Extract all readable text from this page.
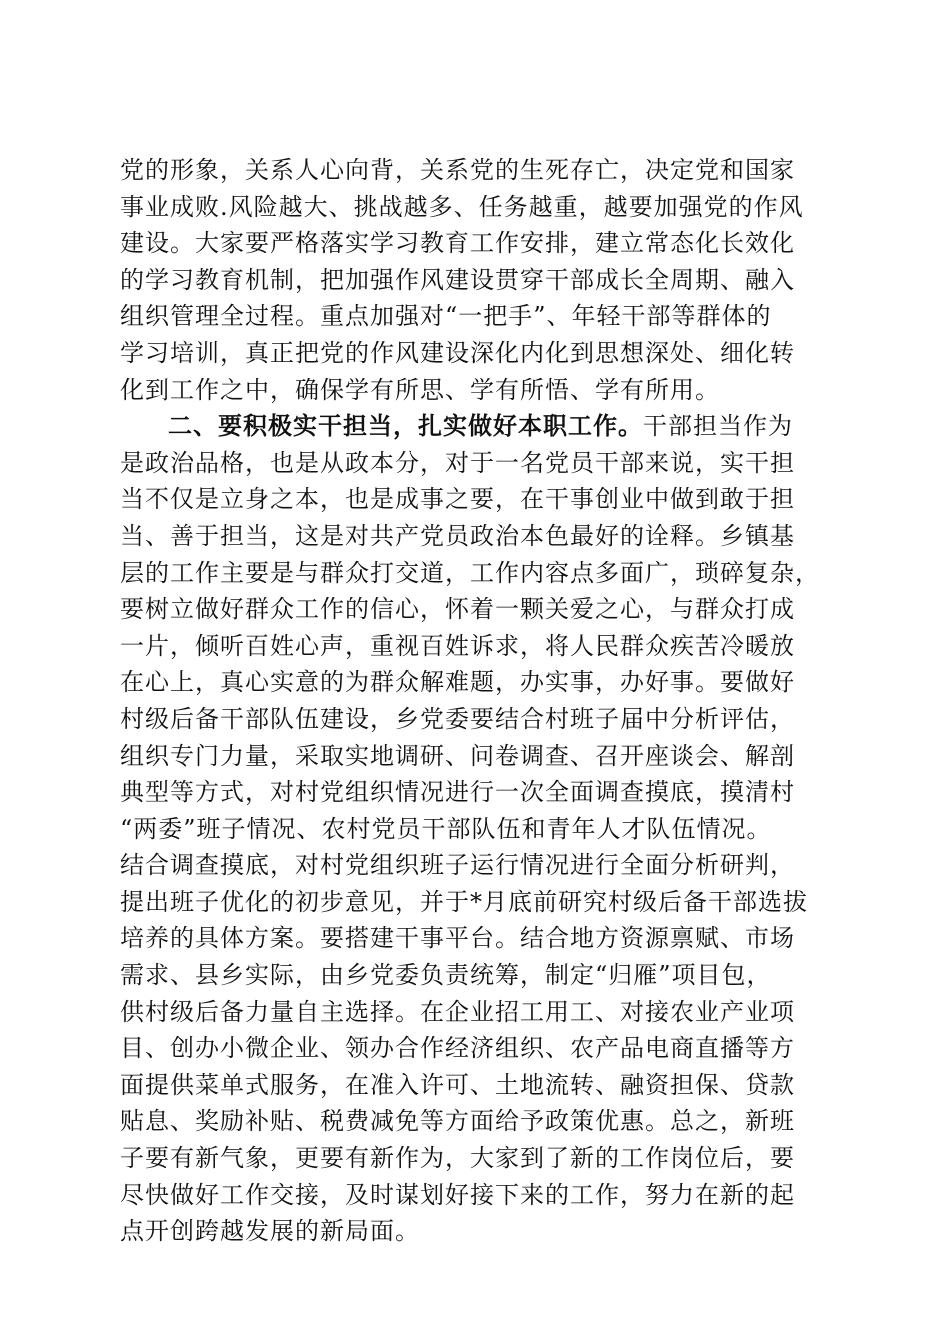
党的形象，关系人心向背，关系党的生死存亡，决定党和国家
事业成败.风险越大、挑战越多、任务越重，越要加强党的作风
建设。大家要严格落实学习教育工作安排，建立常态化长效化
的学习教育机制，把加强作风建设贯穿干部成长全周期、融入
组织管理全过程。重点加强对“一把手”、年轻干部等群体的
学习培训，真正把党的作风建设深化内化到思想深处、细化转
化到工作之中，确保学有所思、学有所悟、学有所用。
二、要积极实干担当，扎实做好本职工作。干部担当作为
是政治品格，也是从政本分，对于一名党员干部来说，实干担
当不仅是立身之本，也是成事之要，在干事创业中做到敢于担
当、善于担当，这是对共产党员政治本色最好的诠释。乡镇基
层的工作主要是与群众打交道，工作内容点多面广，琐碎复杂，
要树立做好群众工作的信心，怀着一颗关爱之心，与群众打成
一片，倾听百姓心声，重视百姓诉求，将人民群众疾苦冷暖放
在心上，真心实意的为群众解难题，办实事，办好事。要做好
村级后备干部队伍建设，乡党委要结合村班子届中分析评估，
组织专门力量，采取实地调研、问卷调查、召开座谈会、解剖
典型等方式，对村党组织情况进行一次全面调查摸底，摸清村
“两委”班子情况、农村党员干部队伍和青年人才队伍情况。
结合调查摸底，对村党组织班子运行情况进行全面分析研判，
提出班子优化的初步意见，并于*月底前研究村级后备干部选拔
培养的具体方案。要搭建干事平台。结合地方资源禀赋、市场
需求、县乡实际，由乡党委负责统筹，制定“归雁”项目包，
供村级后备力量自主选择。在企业招工用工、对接农业产业项
目、创办小微企业、领办合作经济组织、农产品电商直播等方
面提供菜单式服务，在准入许可、土地流转、融资担保、贷款
贴息、奖励补贴、税费减免等方面给予政策优惠。总之，新班
子要有新气象，更要有新作为，大家到了新的工作岗位后，要
尽快做好工作交接，及时谋划好接下来的工作，努力在新的起
点开创跨越发展的新局面。
